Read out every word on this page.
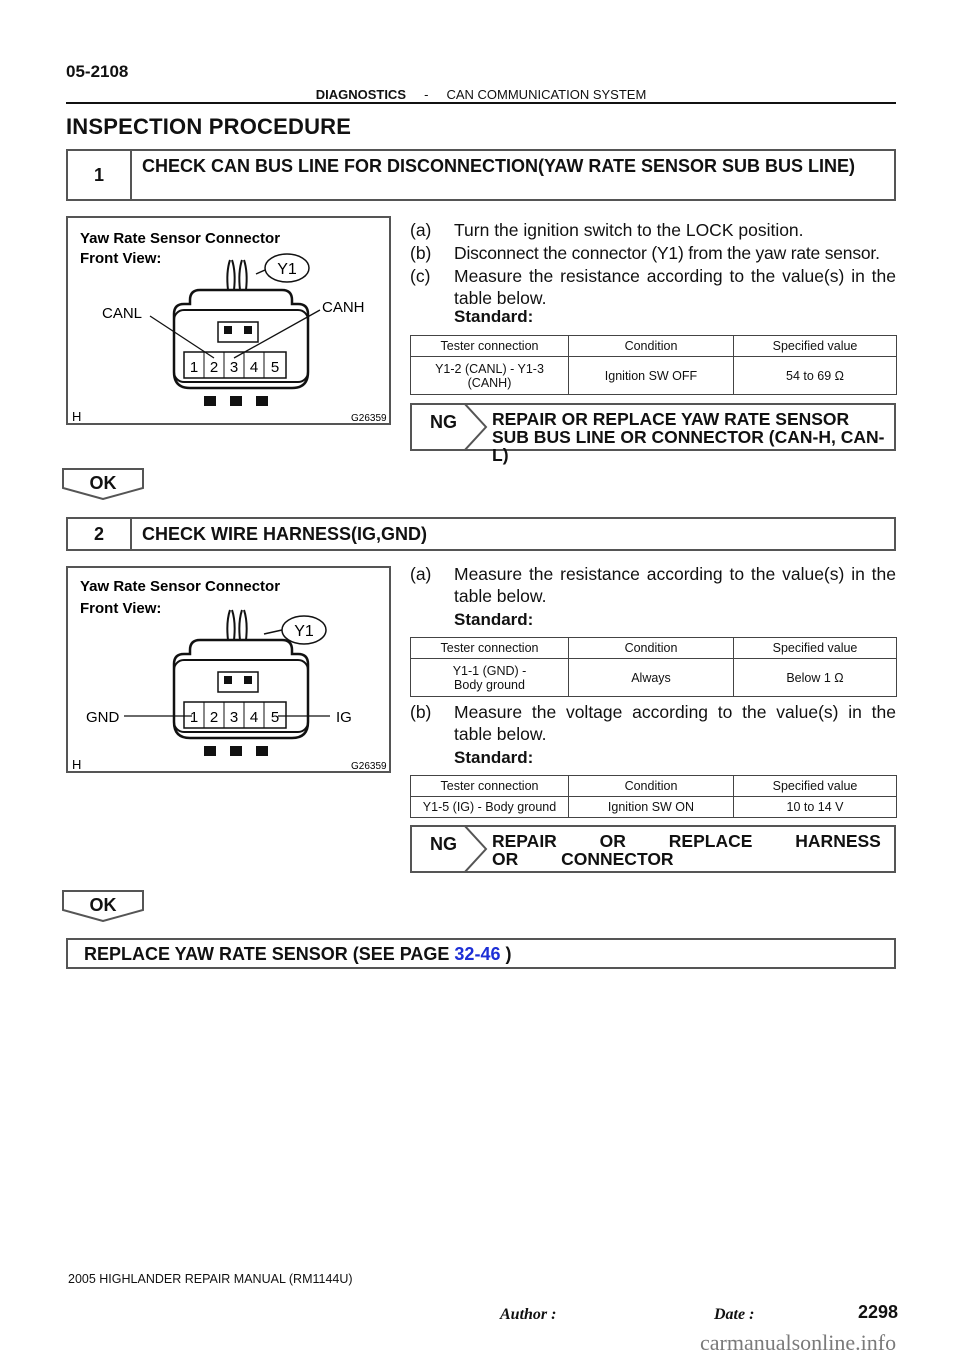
05-2108
DIAGNOSTICS - CAN COMMUNICATION SYSTEM
INSPECTION PROCEDURE
1	CHECK CAN BUS LINE FOR DISCONNECTION(YAW RATE SENSOR SUB BUS LINE)
Yaw Rate Sensor Connector
Front View:
Y1
1 2 3 4 5
CANL	CANH
H	G26359
(a) Turn the ignition switch to the LOCK position.
(b) Disconnect the connector (Y1) from the yaw rate sensor.
(c) Measure the resistance according to the value(s) in the table below.
Standard:
Tester connection	Condition	Specified value
Y1-2 (CANL) - Y1-3 (CANH)	Ignition SW OFF	54 to 69 Ω
NG REPAIR OR REPLACE YAW RATE SENSOR SUB BUS LINE OR CONNECTOR (CAN-H, CAN-L)
OK
2	CHECK WIRE HARNESS(IG,GND)
Yaw Rate Sensor Connector
Front View:
Y1
1 2 3 4 5
GND	IG
H	G26359
(a) Measure the resistance according to the value(s) in the table below.
Standard:
Tester connection	Condition	Specified value
Y1-1 (GND) - Body ground	Always	Below 1 Ω
(b) Measure the voltage according to the value(s) in the table below.
Standard:
Tester connection	Condition	Specified value
Y1-5 (IG) - Body ground	Ignition SW ON	10 to 14 V
NG REPAIR OR REPLACE HARNESS OR CONNECTOR
OK
REPLACE YAW RATE SENSOR (SEE PAGE 32-46 )
2005 HIGHLANDER REPAIR MANUAL (RM1144U)
Author :	Date :	2298
carmanualsonline.info
